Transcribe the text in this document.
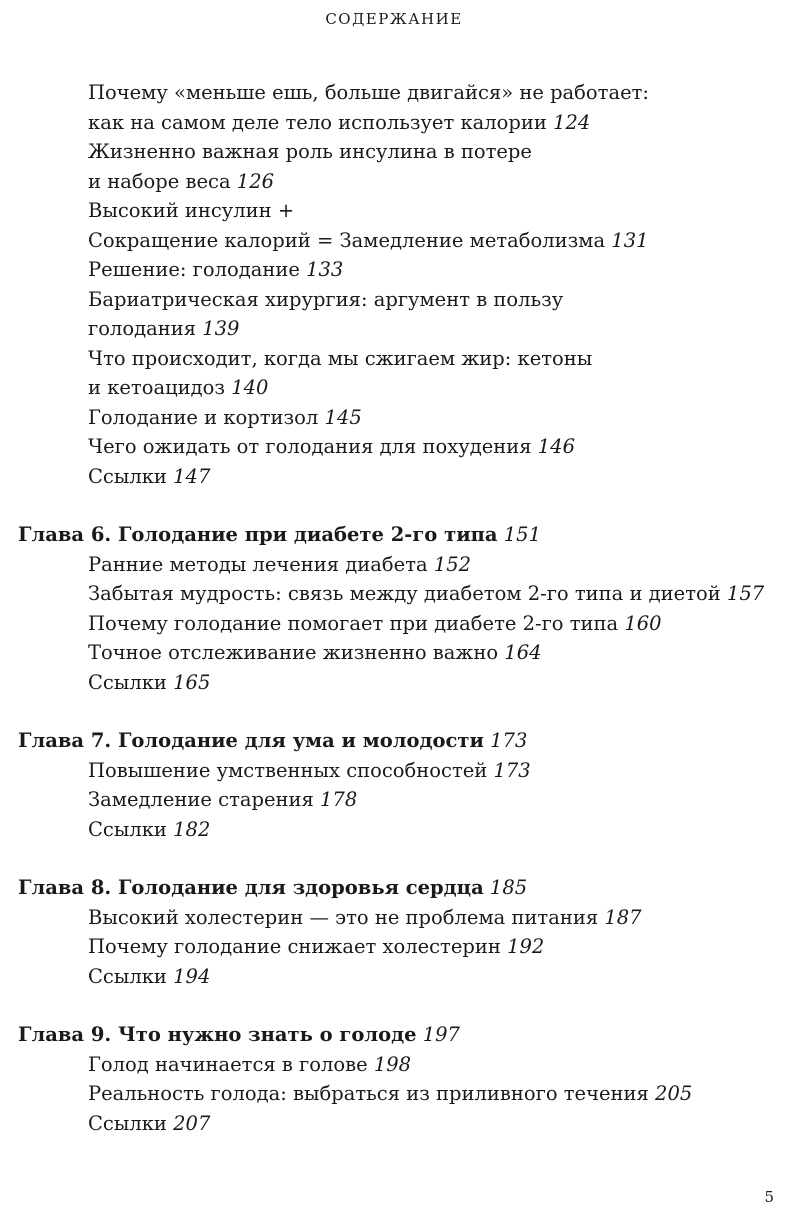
СОДЕРЖАНИЕ
Почему «меньше ешь, больше двигайся» не работает:
как на самом деле тело использует калории 124
Жизненно важная роль инсулина в потере
и наборе веса 126
Высокий инсулин +
Сокращение калорий = Замедление метаболизма 131
Решение: голодание 133
Бариатрическая хирургия: аргумент в пользу
голодания 139
Что происходит, когда мы сжигаем жир: кетоны
и кетоацидоз 140
Голодание и кортизол 145
Чего ожидать от голодания для похудения 146
Ссылки 147
Глава 6. Голодание при диабете 2-го типа 151
Ранние методы лечения диабета 152
Забытая мудрость: связь между диабетом 2-го типа и диетой 157
Почему голодание помогает при диабете 2-го типа 160
Точное отслеживание жизненно важно 164
Ссылки 165
Глава 7. Голодание для ума и молодости 173
Повышение умственных способностей 173
Замедление старения 178
Ссылки 182
Глава 8. Голодание для здоровья сердца 185
Высокий холестерин — это не проблема питания 187
Почему голодание снижает холестерин 192
Ссылки 194
Глава 9. Что нужно знать о голоде 197
Голод начинается в голове 198
Реальность голода: выбраться из приливного течения 205
Ссылки 207
5
